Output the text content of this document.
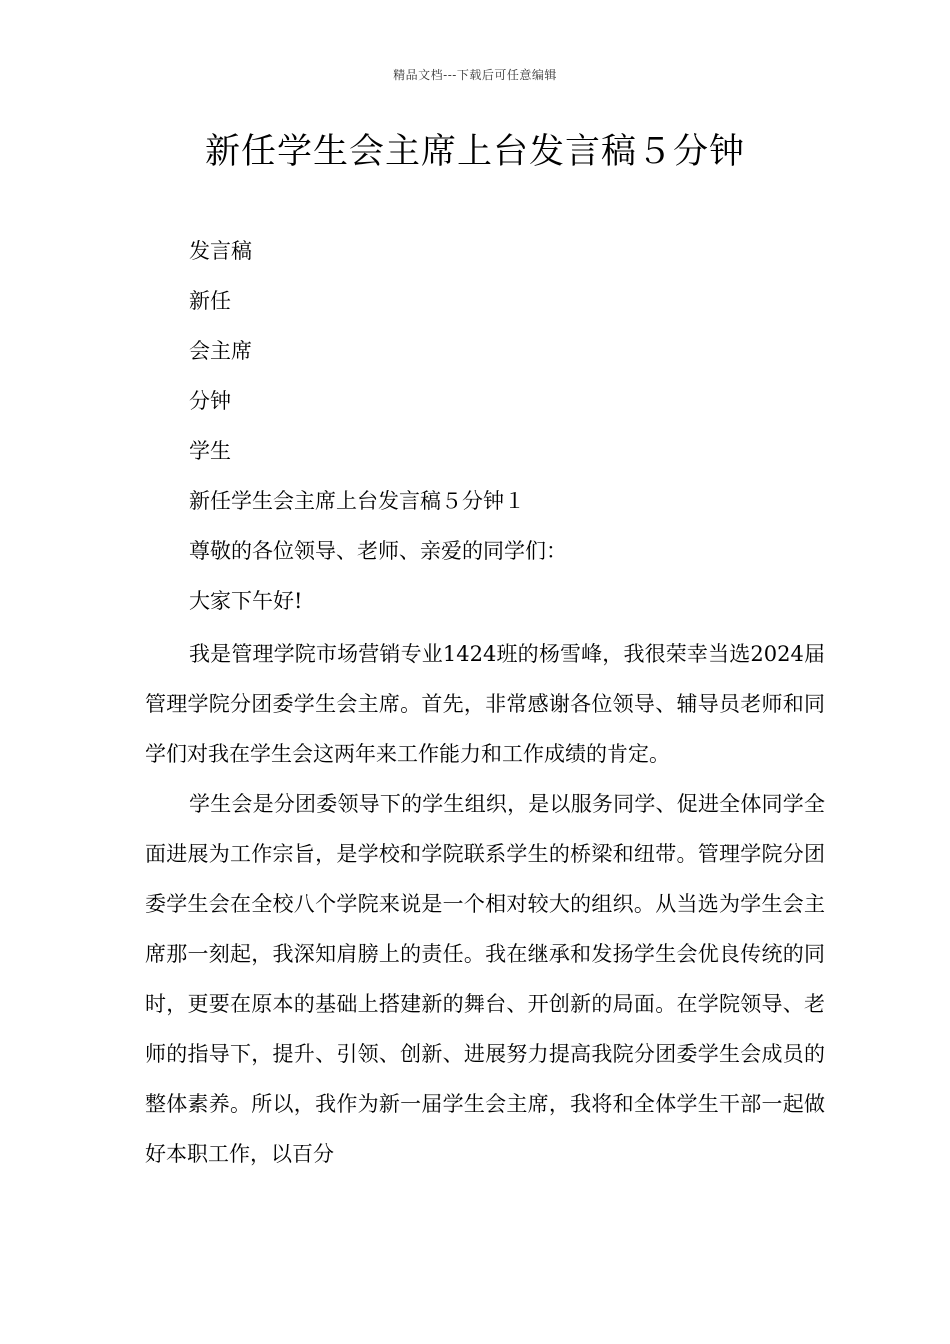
精品文档---下载后可任意编辑
新任学生会主席上台发言稿５分钟
发言稿
新任
会主席
分钟
学生
新任学生会主席上台发言稿５分钟１
尊敬的各位领导、老师、亲爱的同学们：
大家下午好!

我是管理学院市场营销专业1424班的杨雪峰，我很荣幸当选2024届管理学院分团委学生会主席。首先，非常感谢各位领导、辅导员老师和同学们对我在学生会这两年来工作能力和工作成绩的肯定。

学生会是分团委领导下的学生组织，是以服务同学、促进全体同学全面进展为工作宗旨，是学校和学院联系学生的桥梁和纽带。管理学院分团委学生会在全校八个学院来说是一个相对较大的组织。从当选为学生会主席那一刻起，我深知肩膀上的责任。我在继承和发扬学生会优良传统的同时，更要在原本的基础上搭建新的舞台、开创新的局面。在学院领导、老师的指导下，提升、引领、创新、进展努力提高我院分团委学生会成员的整体素养。所以，我作为新一届学生会主席，我将和全体学生干部一起做好本职工作，以百分
